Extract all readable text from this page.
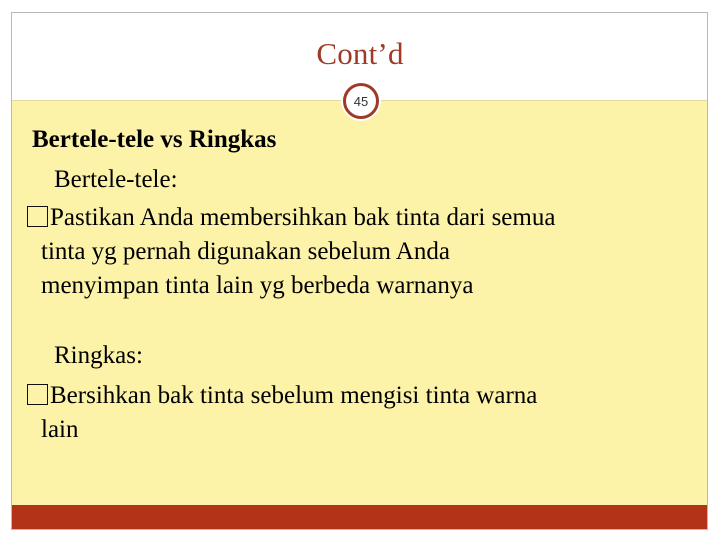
Cont’d
45
Bertele-tele vs Ringkas
Bertele-tele:
Pastikan Anda membersihkan bak tinta dari semua
tinta yg pernah digunakan sebelum Anda
menyimpan tinta lain yg berbeda warnanya
Ringkas:
Bersihkan bak tinta sebelum mengisi tinta warna
lain
